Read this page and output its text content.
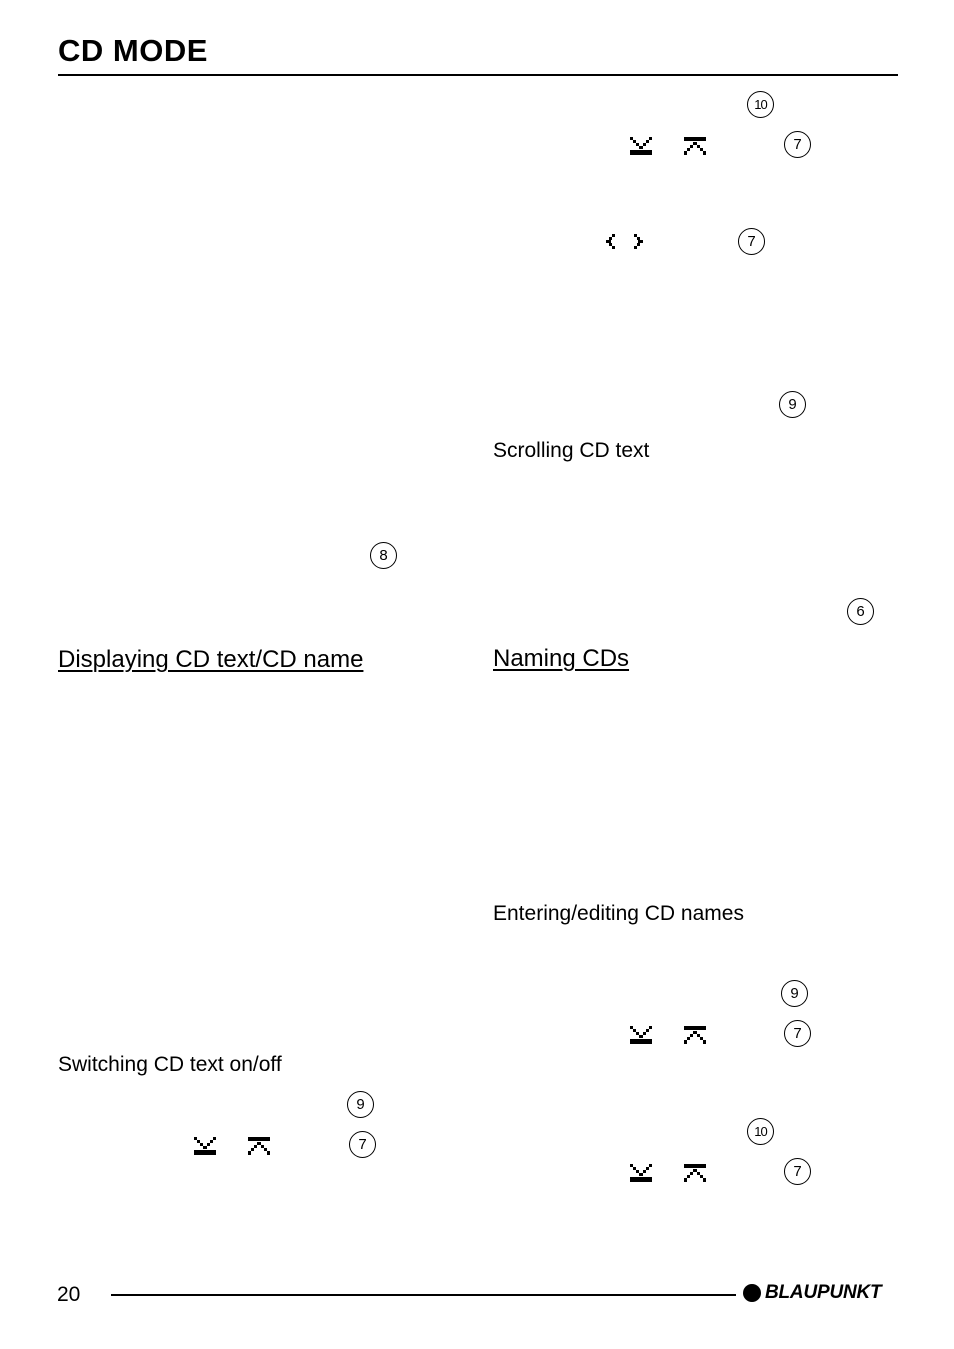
CD MODE
10
7
7
9
Scrolling CD text
6
8
Displaying CD text/CD name	Naming CDs
Entering/editing CD names
9
7
Switching CD text on/off
9
7
10
7
20	BLAUPUNKT
